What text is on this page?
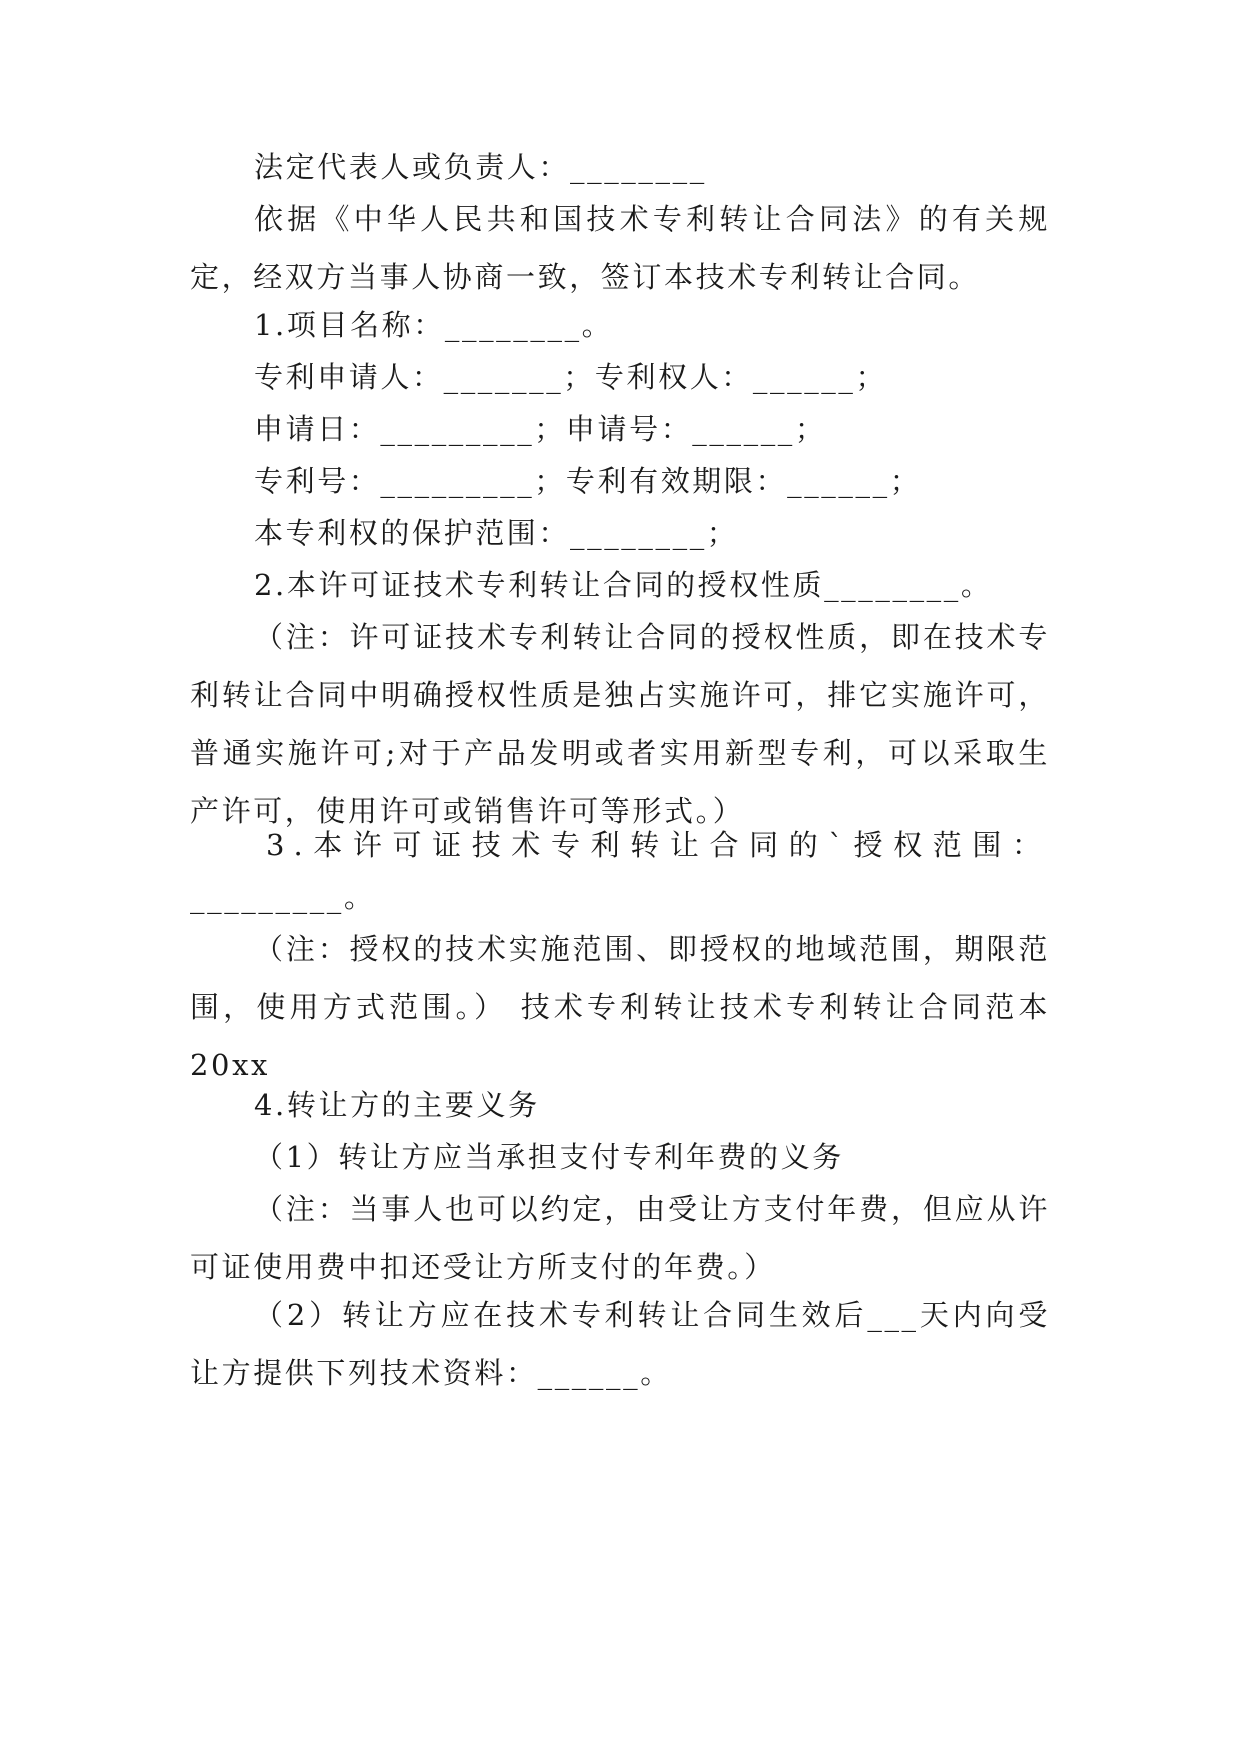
法定代表人或负责人：________

依据《中华人民共和国技术专利转让合同法》的有关规定，经双方当事人协商一致，签订本技术专利转让合同。

1.项目名称：________。

专利申请人：_______；专利权人：______；

申请日：_________；申请号：______；

专利号：_________；专利有效期限：______；

本专利权的保护范围：________；

2.本许可证技术专利转让合同的授权性质________。

（注：许可证技术专利转让合同的授权性质，即在技术专利转让合同中明确授权性质是独占实施许可，排它实施许可，普通实施许可;对于产品发明或者实用新型专利，可以采取生产许可，使用许可或销售许可等形式。）

3.本许可证技术专利转让合同的`授权范围：

_________。

（注：授权的技术实施范围、即授权的地域范围，期限范围，使用方式范围。） 技术专利转让技术专利转让合同范本 20xx

4.转让方的主要义务

（1）转让方应当承担支付专利年费的义务

（注：当事人也可以约定，由受让方支付年费，但应从许可证使用费中扣还受让方所支付的年费。）

（2）转让方应在技术专利转让合同生效后___天内向受让方提供下列技术资料：______。
